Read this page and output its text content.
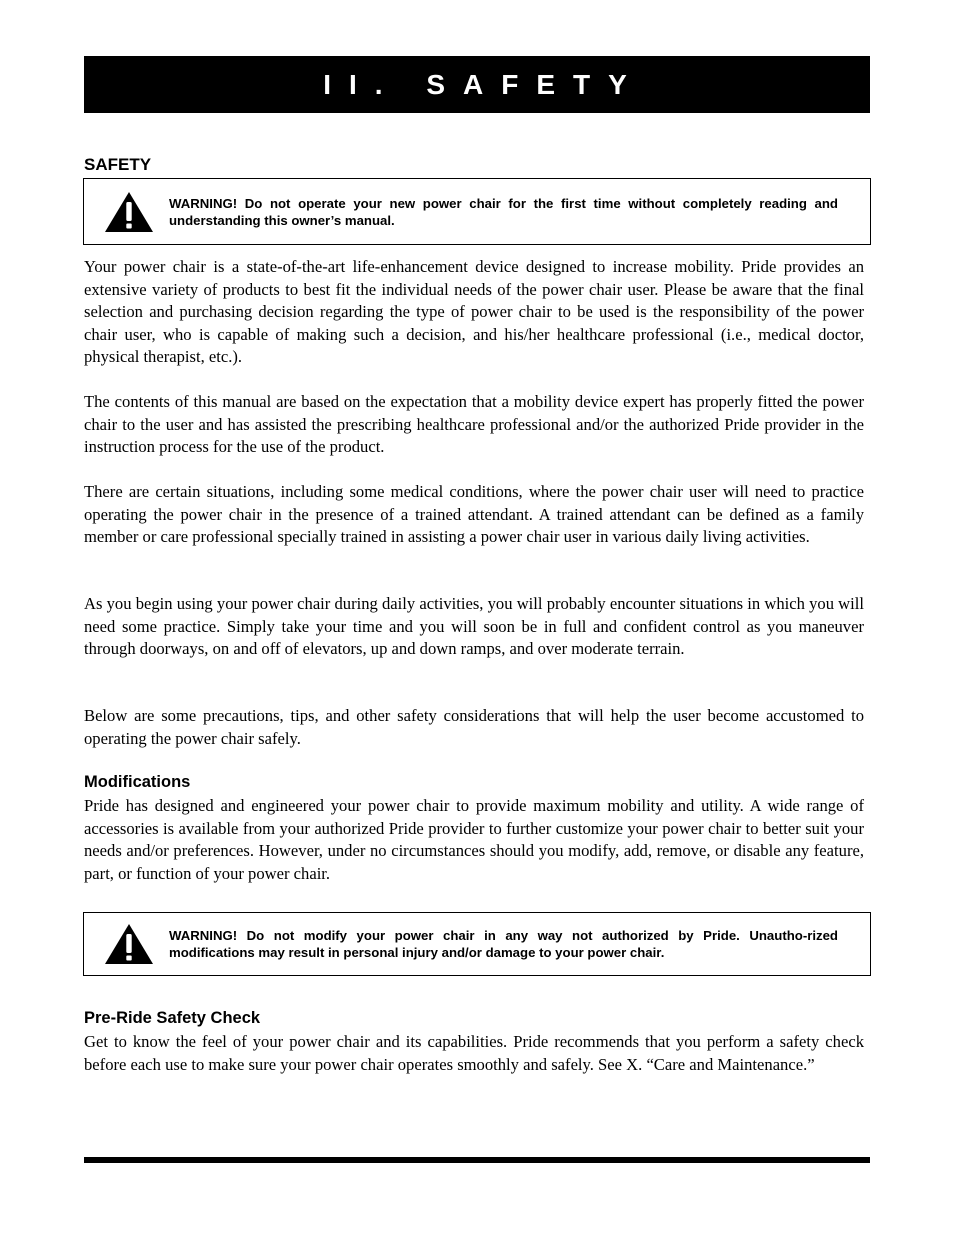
II. SAFETY
SAFETY
WARNING! Do not operate your new power chair for the first time without completely reading and understanding this owner’s manual.

Your power chair is a state-of-the-art life-enhancement device designed to increase mobility. Pride provides an extensive variety of products to best fit the individual needs of the power chair user. Please be aware that the final selection and purchasing decision regarding the type of power chair to be used is the responsibility of the power chair user, who is capable of making such a decision, and his/her healthcare professional (i.e., medical doctor, physical therapist, etc.).

The contents of this manual are based on the expectation that a mobility device expert has properly fitted the power chair to the user and has assisted the prescribing healthcare professional and/or the authorized Pride provider in the instruction process for the use of the product.

There are certain situations, including some medical conditions, where the power chair user will need to practice operating the power chair in the presence of a trained attendant. A trained attendant can be defined as a family member or care professional specially trained in assisting a power chair user in various daily living activities.

As you begin using your power chair during daily activities, you will probably encounter situations in which you will need some practice. Simply take your time and you will soon be in full and confident control as you maneuver through doorways, on and off of elevators, up and down ramps, and over moderate terrain.

Below are some precautions, tips, and other safety considerations that will help the user become accustomed to operating the power chair safely.

Modifications

Pride has designed and engineered your power chair to provide maximum mobility and utility. A wide range of accessories is available from your authorized Pride provider to further customize your power chair to better suit your needs and/or preferences. However, under no circumstances should you modify, add, remove, or disable any feature, part, or function of your power chair.

WARNING! Do not modify your power chair in any way not authorized by Pride. Unautho-rized modifications may result in personal injury and/or damage to your power chair.
Pre-Ride Safety Check

Get to know the feel of your power chair and its capabilities. Pride recommends that you perform a safety check before each use to make sure your power chair operates smoothly and safely. See X. “Care and Maintenance.”
